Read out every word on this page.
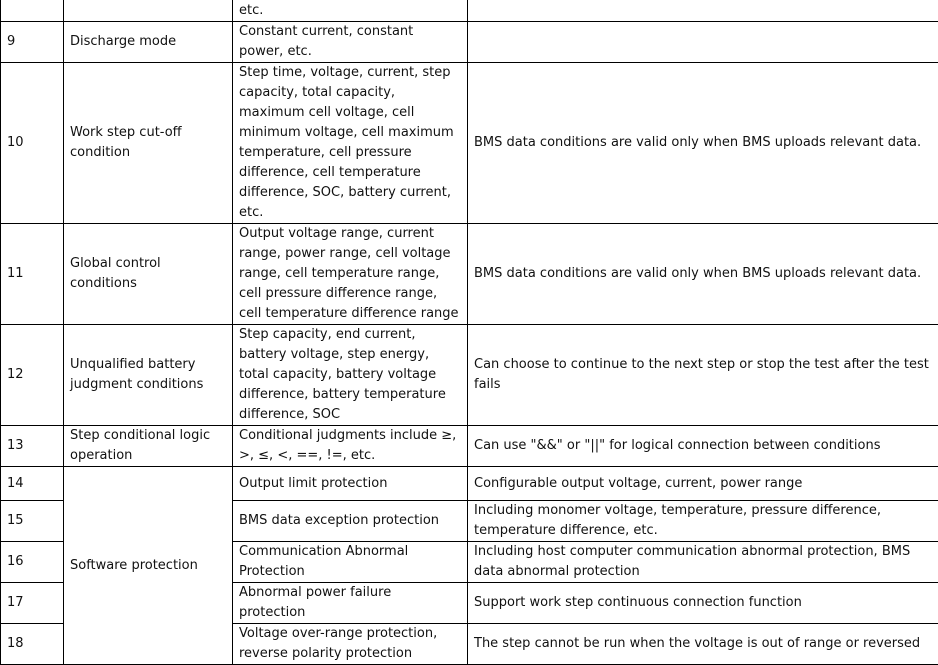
		etc.	
9	Discharge mode	Constant current, constant power, etc.	
10	Work step cut-off condition	Step time, voltage, current, step capacity, total capacity, maximum cell voltage, cell minimum voltage, cell maximum temperature, cell pressure difference, cell temperature difference, SOC, battery current, etc.	BMS data conditions are valid only when BMS uploads relevant data.
11	Global control conditions	Output voltage range, current range, power range, cell voltage range, cell temperature range, cell pressure difference range, cell temperature difference range	BMS data conditions are valid only when BMS uploads relevant data.
12	Unqualified battery judgment conditions	Step capacity, end current, battery voltage, step energy, total capacity, battery voltage difference, battery temperature difference, SOC	Can choose to continue to the next step or stop the test after the test fails
13	Step conditional logic operation	Conditional judgments include ≥, >, ≤, <, ==, !=, etc.	Can use "&&" or "||" for logical connection between conditions
14	Software protection	Output limit protection	Configurable output voltage, current, power range
15		BMS data exception protection	Including monomer voltage, temperature, pressure difference, temperature difference, etc.
16		Communication Abnormal Protection	Including host computer communication abnormal protection, BMS data abnormal protection
17		Abnormal power failure protection	Support work step continuous connection function
18		Voltage over-range protection, reverse polarity protection	The step cannot be run when the voltage is out of range or reversed
